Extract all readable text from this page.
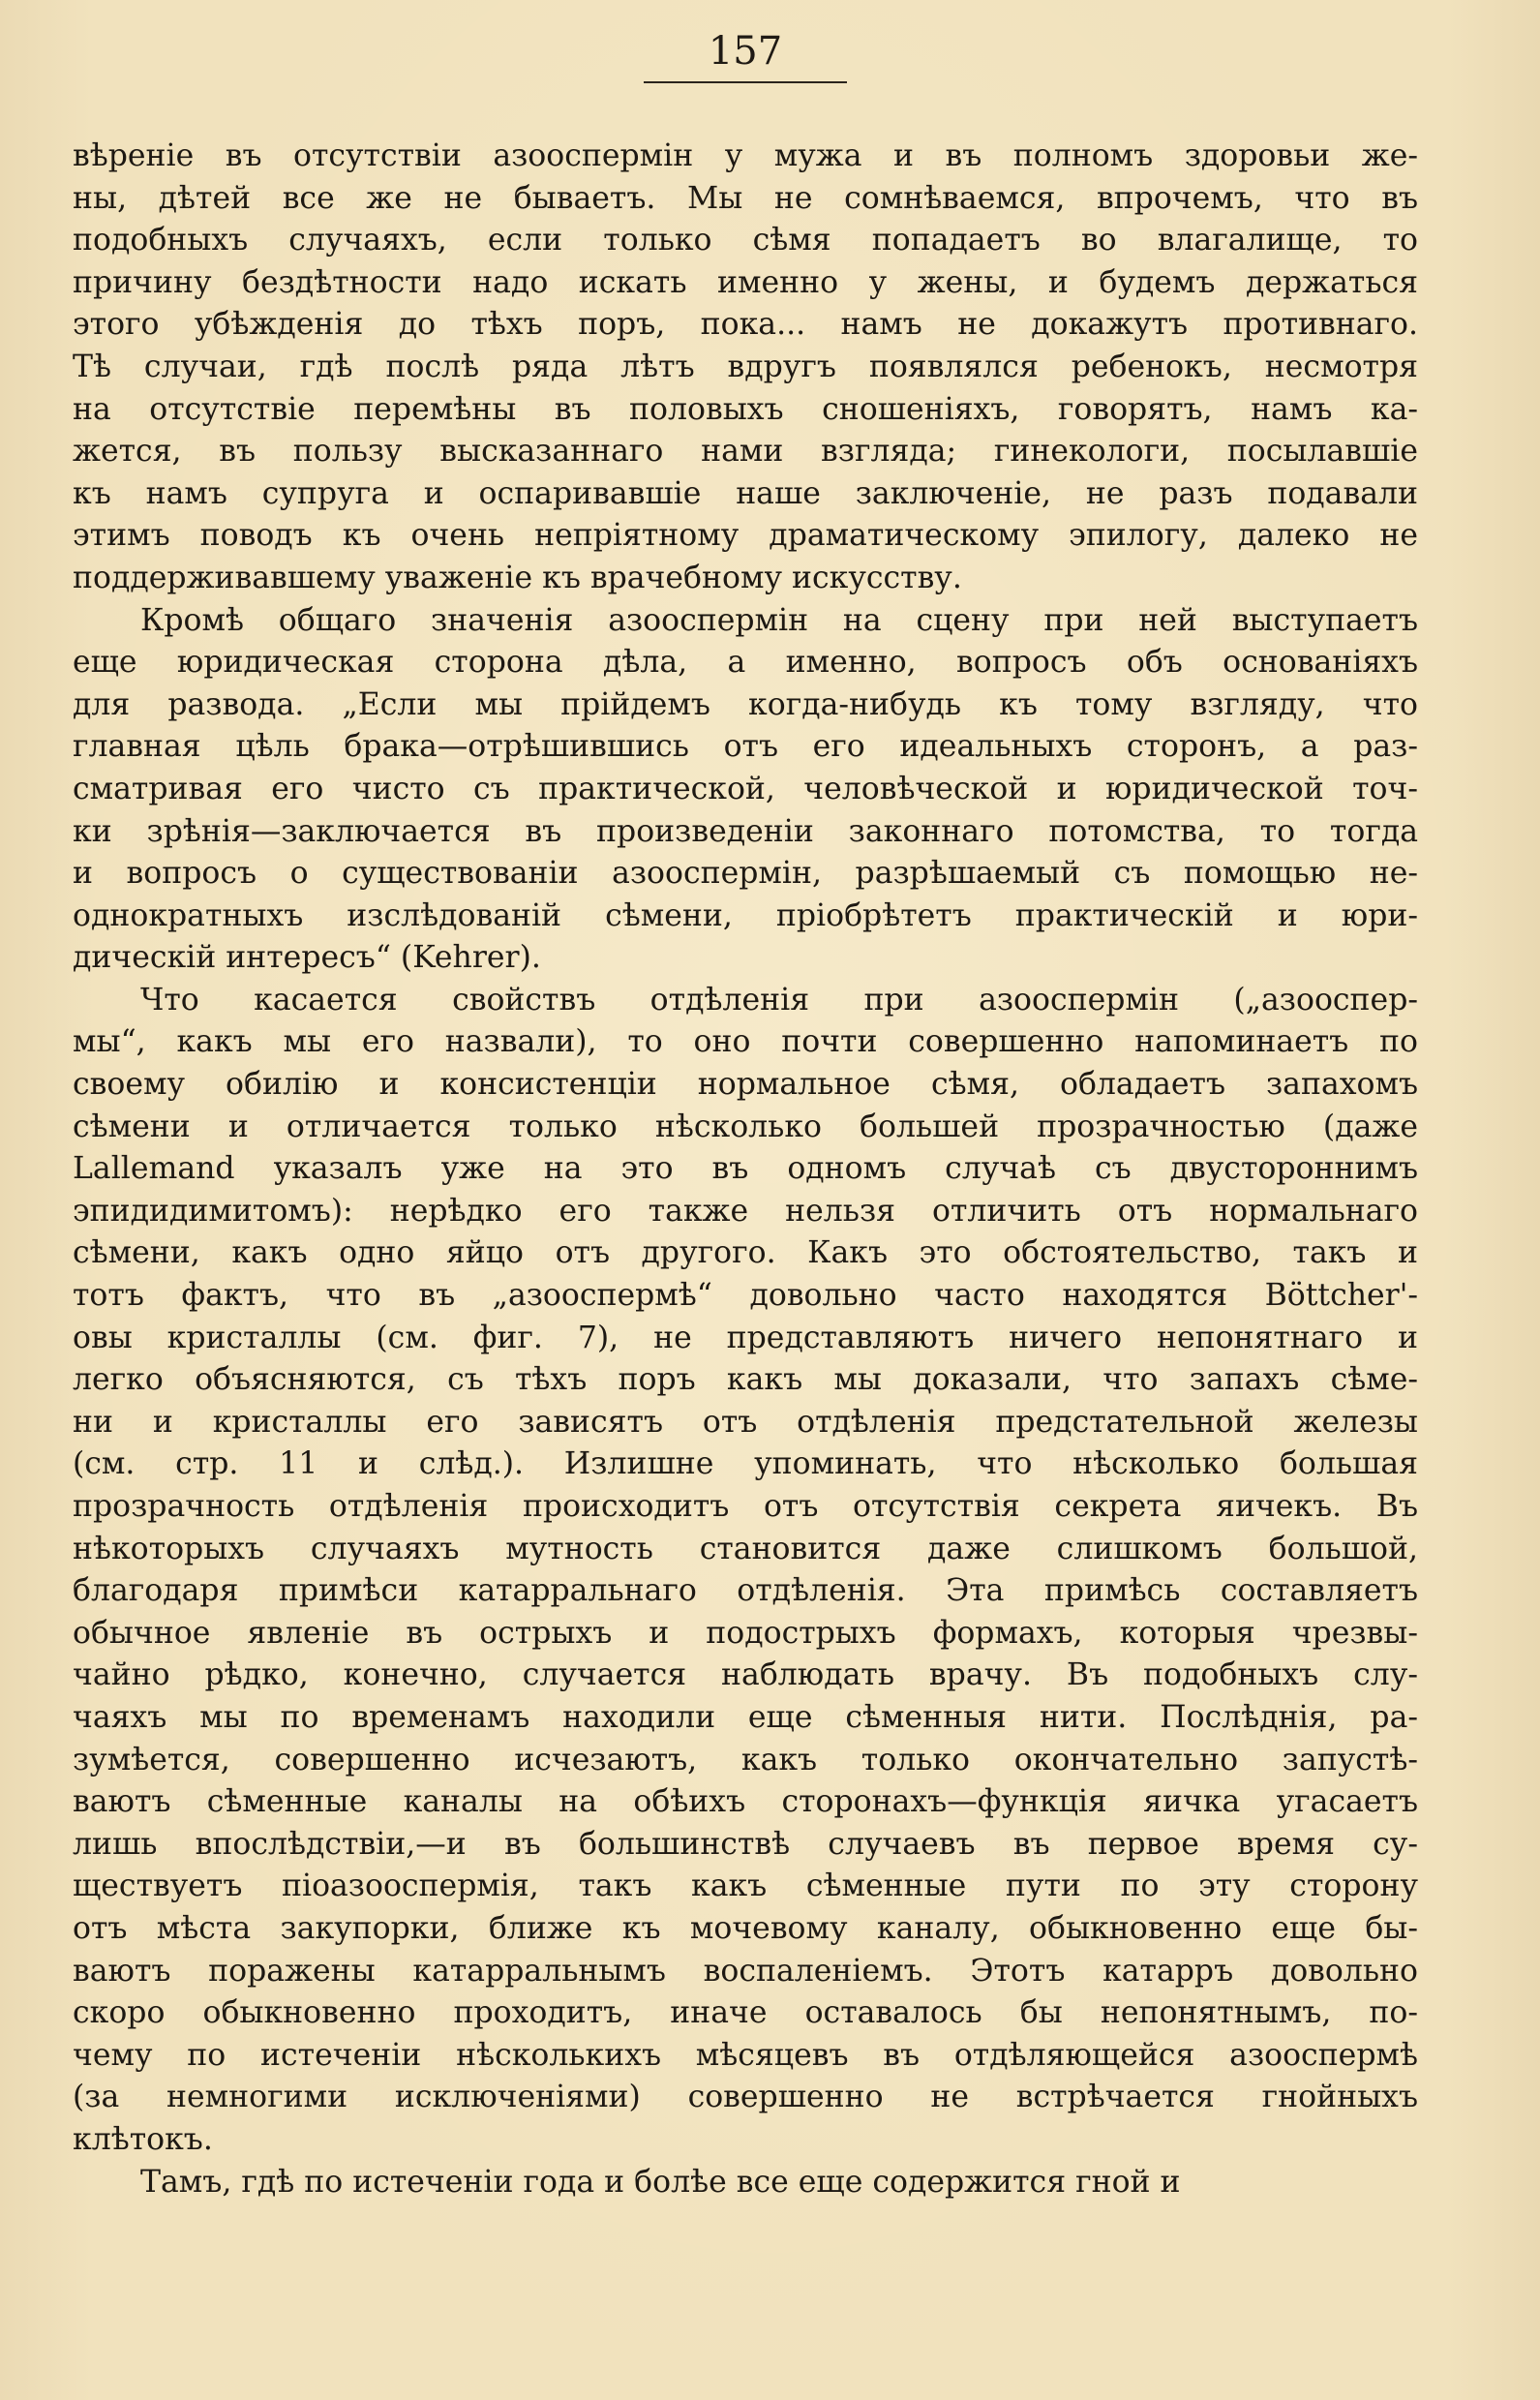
157
вѣреніе въ отсутствіи азооспермін у мужа и въ полномъ здоровьи же-
ны, дѣтей все же не бываетъ. Мы не сомнѣваемся, впрочемъ, что въ
подобныхъ случаяхъ, если только сѣмя попадаетъ во влагалище, то
причину бездѣтности надо искать именно у жены, и будемъ держаться
этого убѣжденія до тѣхъ поръ, пока... намъ не докажутъ противнаго.
Тѣ случаи, гдѣ послѣ ряда лѣтъ вдругъ появлялся ребенокъ, несмотря
на отсутствіе перемѣны въ половыхъ сношеніяхъ, говорятъ, намъ ка-
жется, въ пользу высказаннаго нами взгляда; гинекологи, посылавшіе
къ намъ супруга и оспаривавшіе наше заключеніе, не разъ подавали
этимъ поводъ къ очень непріятному драматическому эпилогу, далеко не
поддерживавшему уваженіе къ врачебному искусству.
Кромѣ общаго значенія азооспермін на сцену при ней выступаетъ
еще юридическая сторона дѣла, а именно, вопросъ объ основаніяхъ
для развода. „Если мы прійдемъ когда-нибудь къ тому взгляду, что
главная цѣль брака—отрѣшившись отъ его идеальныхъ сторонъ, а раз-
сматривая его чисто съ практической, человѣческой и юридической точ-
ки зрѣнія—заключается въ произведеніи законнаго потомства, то тогда
и вопросъ о существованіи азооспермін, разрѣшаемый съ помощью не-
однократныхъ изслѣдованій сѣмени, пріобрѣтетъ практическій и юри-
дическій интересъ“ (Kehrer).
Что касается свойствъ отдѣленія при азооспермін („азооспер-
мы“, какъ мы его назвали), то оно почти совершенно напоминаетъ по
своему обилію и консистенціи нормальное сѣмя, обладаетъ запахомъ
сѣмени и отличается только нѣсколько большей прозрачностью (даже
Lallemand указалъ уже на это въ одномъ случаѣ съ двустороннимъ
эпидидимитомъ): нерѣдко его также нельзя отличить отъ нормальнаго
сѣмени, какъ одно яйцо отъ другого. Какъ это обстоятельство, такъ и
тотъ фактъ, что въ „азооспермѣ“ довольно часто находятся Böttcher'-
овы кристаллы (см. фиг. 7), не представляютъ ничего непонятнаго и
легко объясняются, съ тѣхъ поръ какъ мы доказали, что запахъ сѣме-
ни и кристаллы его зависятъ отъ отдѣленія предстательной железы
(см. стр. 11 и слѣд.). Излишне упоминать, что нѣсколько большая
прозрачность отдѣленія происходитъ отъ отсутствія секрета яичекъ. Въ
нѣкоторыхъ случаяхъ мутность становится даже слишкомъ большой,
благодаря примѣси катарральнаго отдѣленія. Эта примѣсь составляетъ
обычное явленіе въ острыхъ и подострыхъ формахъ, которыя чрезвы-
чайно рѣдко, конечно, случается наблюдать врачу. Въ подобныхъ слу-
чаяхъ мы по временамъ находили еще сѣменныя нити. Послѣднія, ра-
зумѣется, совершенно исчезаютъ, какъ только окончательно запустѣ-
ваютъ сѣменные каналы на обѣихъ сторонахъ—функція яичка угасаетъ
лишь впослѣдствіи,—и въ большинствѣ случаевъ въ первое время су-
ществуетъ піоазооспермія, такъ какъ сѣменные пути по эту сторону
отъ мѣста закупорки, ближе къ мочевому каналу, обыкновенно еще бы-
ваютъ поражены катарральнымъ воспаленіемъ. Этотъ катарръ довольно
скоро обыкновенно проходитъ, иначе оставалось бы непонятнымъ, по-
чему по истеченіи нѣсколькихъ мѣсяцевъ въ отдѣляющейся азооспермѣ
(за немногими исключеніями) совершенно не встрѣчается гнойныхъ
клѣтокъ.
Тамъ, гдѣ по истеченіи года и болѣе все еще содержится гной и
